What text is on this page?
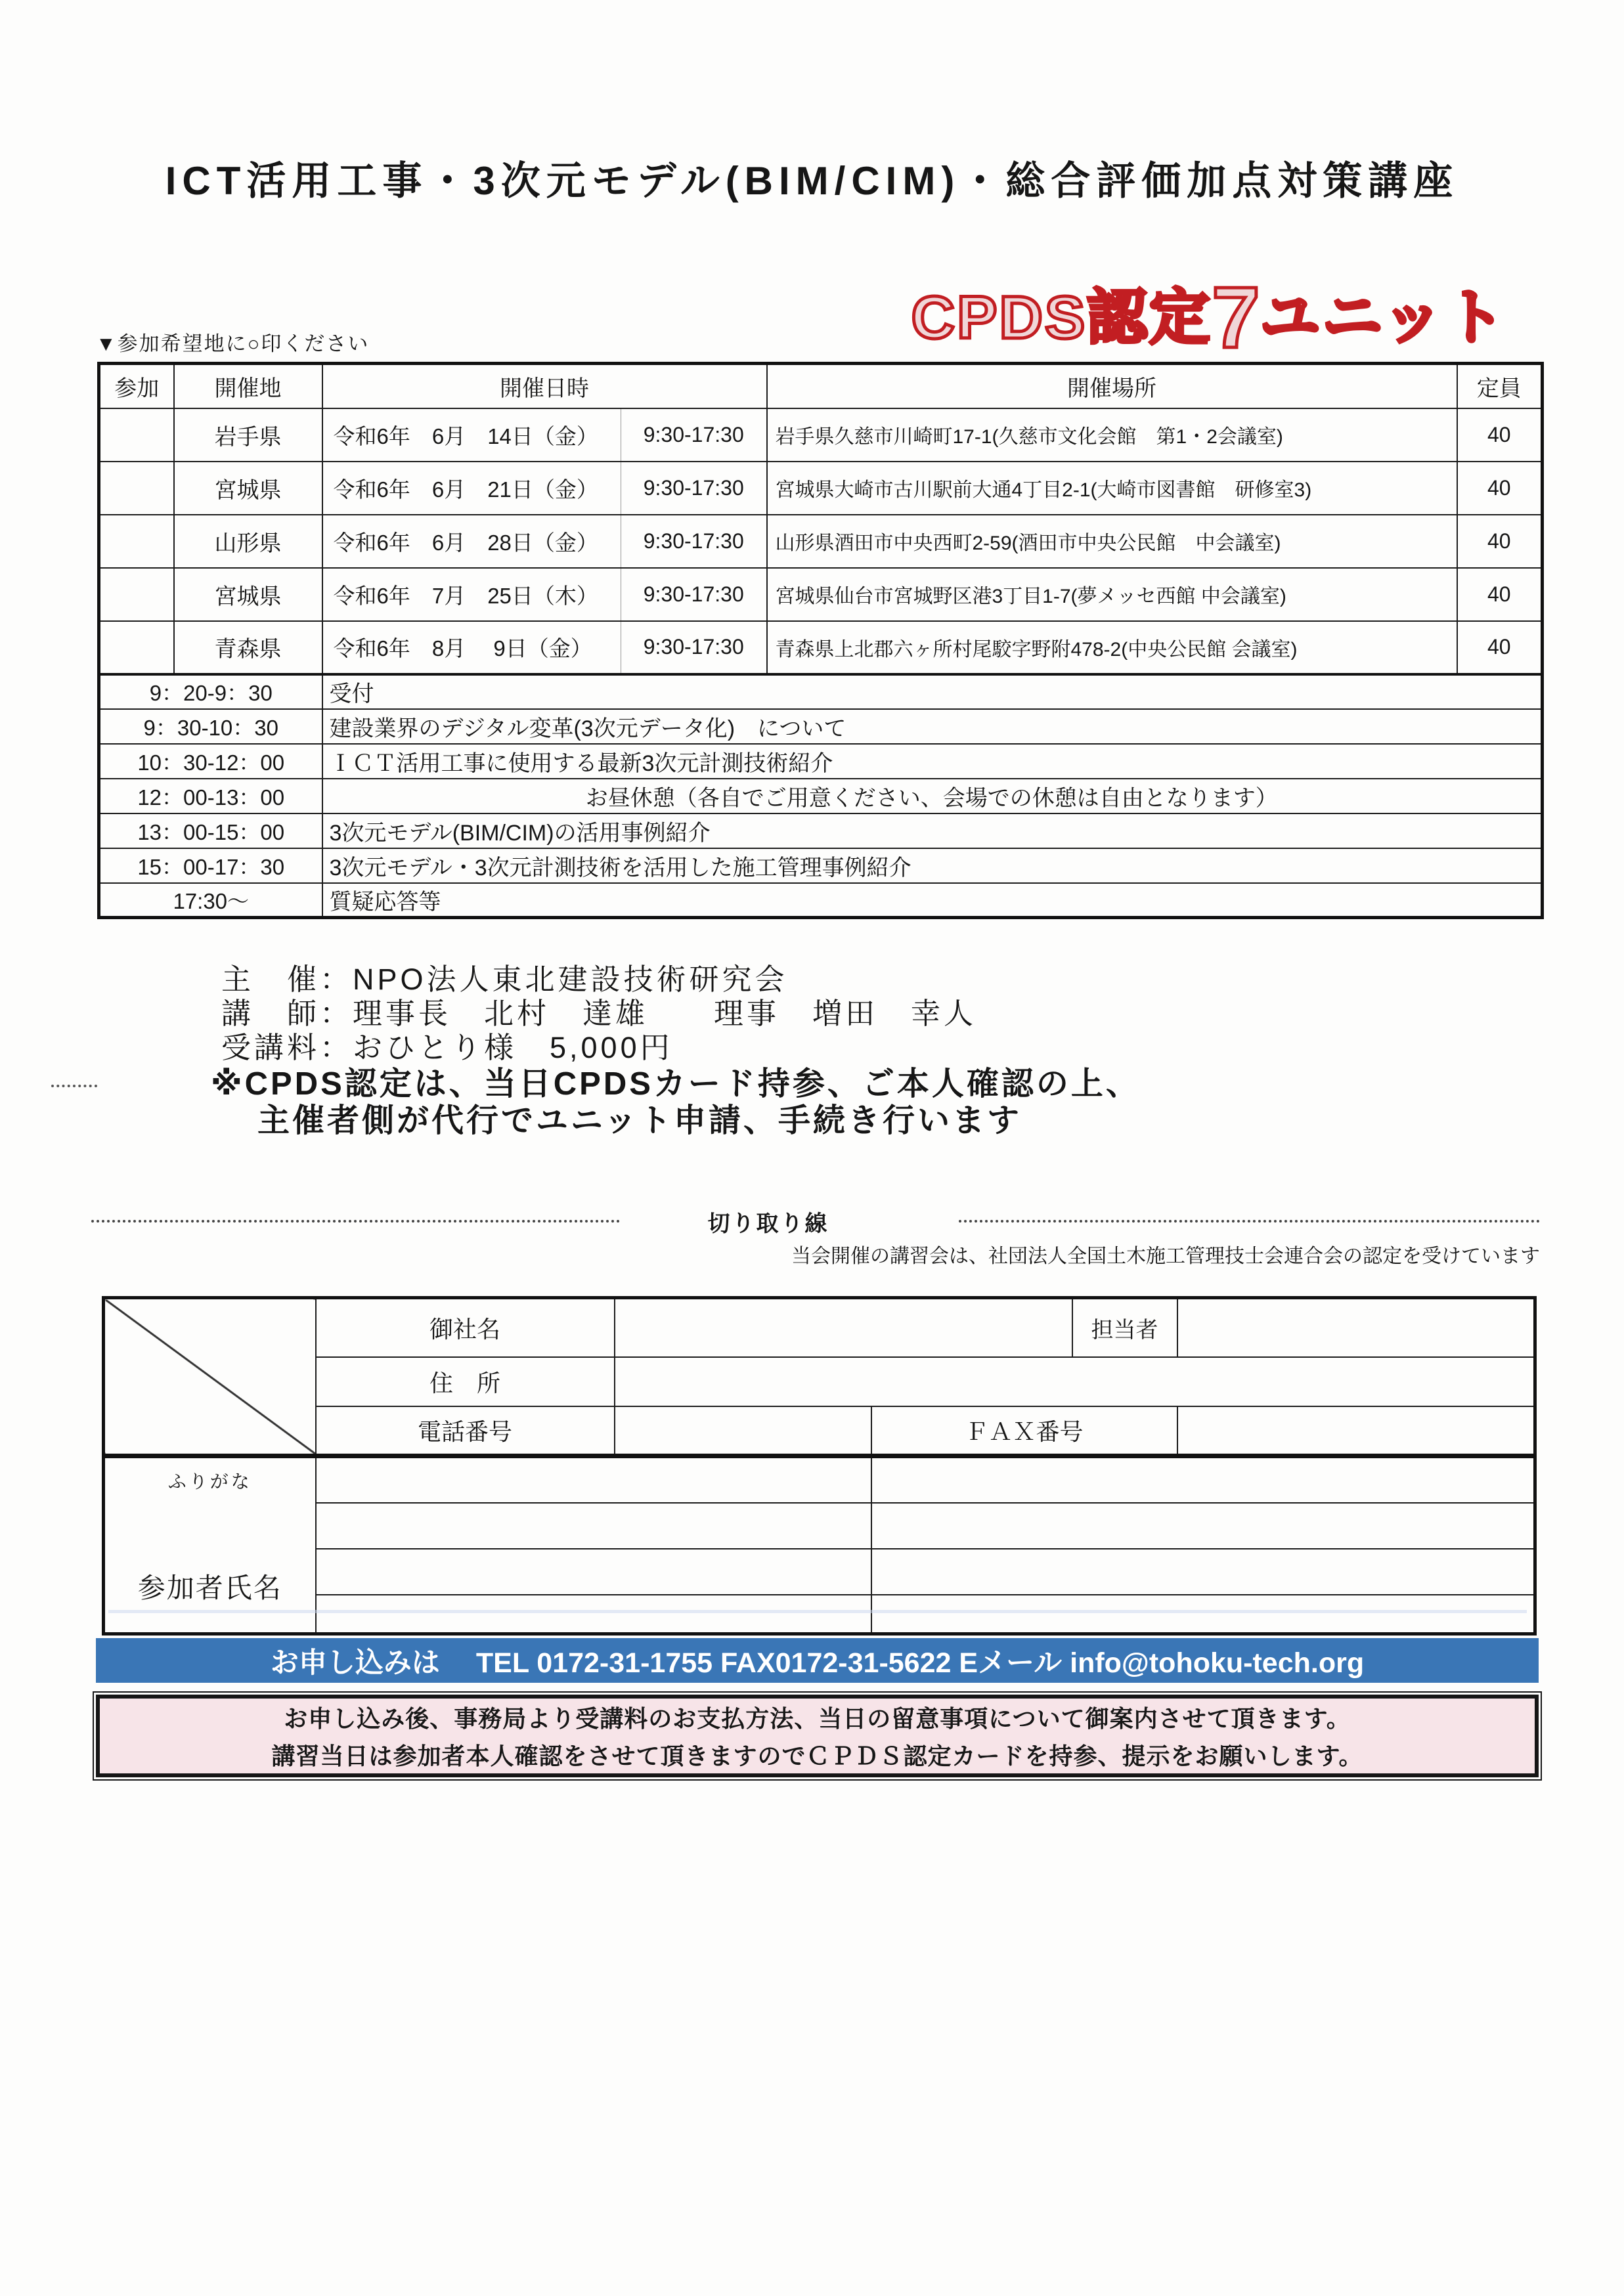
ICT活用工事・3次元モデル(BIM/CIM)・総合評価加点対策講座
CPDS認定7ユニット
▼参加希望地に○印ください
参加	開催地	開催日時		開催場所	定員
	岩手県	令和6年　6月　14日（金）	9:30-17:30	岩手県久慈市川崎町17-1(久慈市文化会館　第1・2会議室)	40
	宮城県	令和6年　6月　21日（金）	9:30-17:30	宮城県大崎市古川駅前大通4丁目2-1(大崎市図書館　研修室3)	40
	山形県	令和6年　6月　28日（金）	9:30-17:30	山形県酒田市中央西町2-59(酒田市中央公民館　中会議室)	40
	宮城県	令和6年　7月　25日（木）	9:30-17:30	宮城県仙台市宮城野区港3丁目1-7(夢メッセ西館 中会議室)	40
	青森県	令和6年　8月　 9日（金）	9:30-17:30	青森県上北郡六ヶ所村尾駮字野附478-2(中央公民館 会議室)	40
9：20-9：30		受付			
9：30-10：30		建設業界のデジタル変革(3次元データ化)　について			
10：30-12：00		ＩＣＴ活用工事に使用する最新3次元計測技術紹介			
12：00-13：00		お昼休憩（各自でご用意ください、会場での休憩は自由となります）			
13：00-15：00		3次元モデル(BIM/CIM)の活用事例紹介			
15：00-17：30		3次元モデル・3次元計測技術を活用した施工管理事例紹介			
17:30～		質疑応答等			
主　催：NPO法人東北建設技術研究会
講　師：理事長　北村　達雄　　理事　増田　幸人
受講料：おひとり様　5,000円
※CPDS認定は、当日CPDSカード持参、ご本人確認の上、
主催者側が代行でユニット申請、手続き行います
切り取り線
当会開催の講習会は、社団法人全国土木施工管理技士会連合会の認定を受けています
	御社名			担当者	
	住　所				
	電話番号		ＦＡＸ番号		
ふりがな
参加者氏名		

お申し込みは TEL 0172-31-1755 FAX0172-31-5622 Eメール info@tohoku-tech.org
お申し込み後、事務局より受講料のお支払方法、当日の留意事項について御案内させて頂きます。
講習当日は参加者本人確認をさせて頂きますのでＣＰＤＳ認定カードを持参、提示をお願いします。
